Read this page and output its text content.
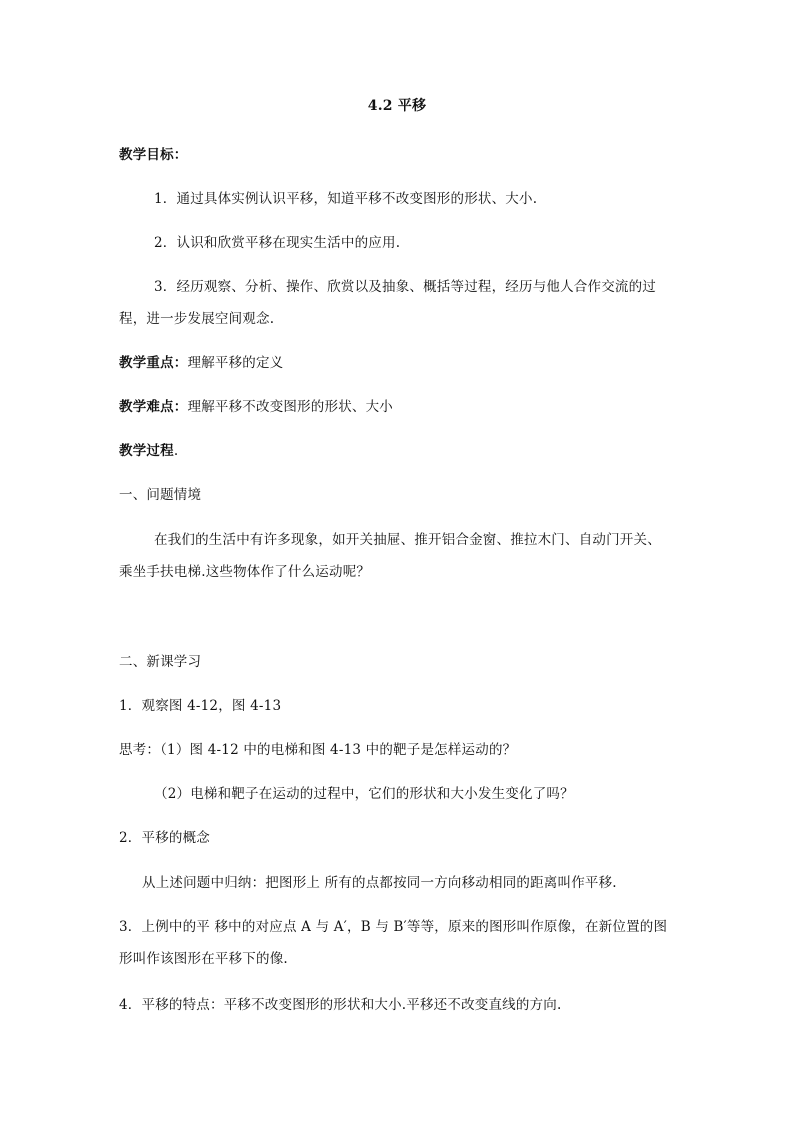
4.2 平移
教学目标：
1．通过具体实例认识平移，知道平移不改变图形的形状、大小.
2．认识和欣赏平移在现实生活中的应用.
3．经历观察、分析、操作、欣赏以及抽象、概括等过程，经历与他人合作交流的过
程，进一步发展空间观念.
教学重点：理解平移的定义
教学难点：理解平移不改变图形的形状、大小
教学过程.
一、问题情境
在我们的生活中有许多现象，如开关抽屉、推开铝合金窗、推拉木门、自动门开关、
乘坐手扶电梯.这些物体作了什么运动呢？
二、新课学习
1．观察图 4-12，图 4-13
思考：（1）图 4-12 中的电梯和图 4-13 中的靶子是怎样运动的？
（2）电梯和靶子在运动的过程中，它们的形状和大小发生变化了吗？
2．平移的概念
从上述问题中归纳：把图形上 所有的点都按同一方向移动相同的距离叫作平移.
3．上例中的平 移中的对应点 A 与 A′，B 与 B′等等，原来的图形叫作原像，在新位置的图
形叫作该图形在平移下的像.
4．平移的特点：平移不改变图形的形状和大小.平移还不改变直线的方向.
